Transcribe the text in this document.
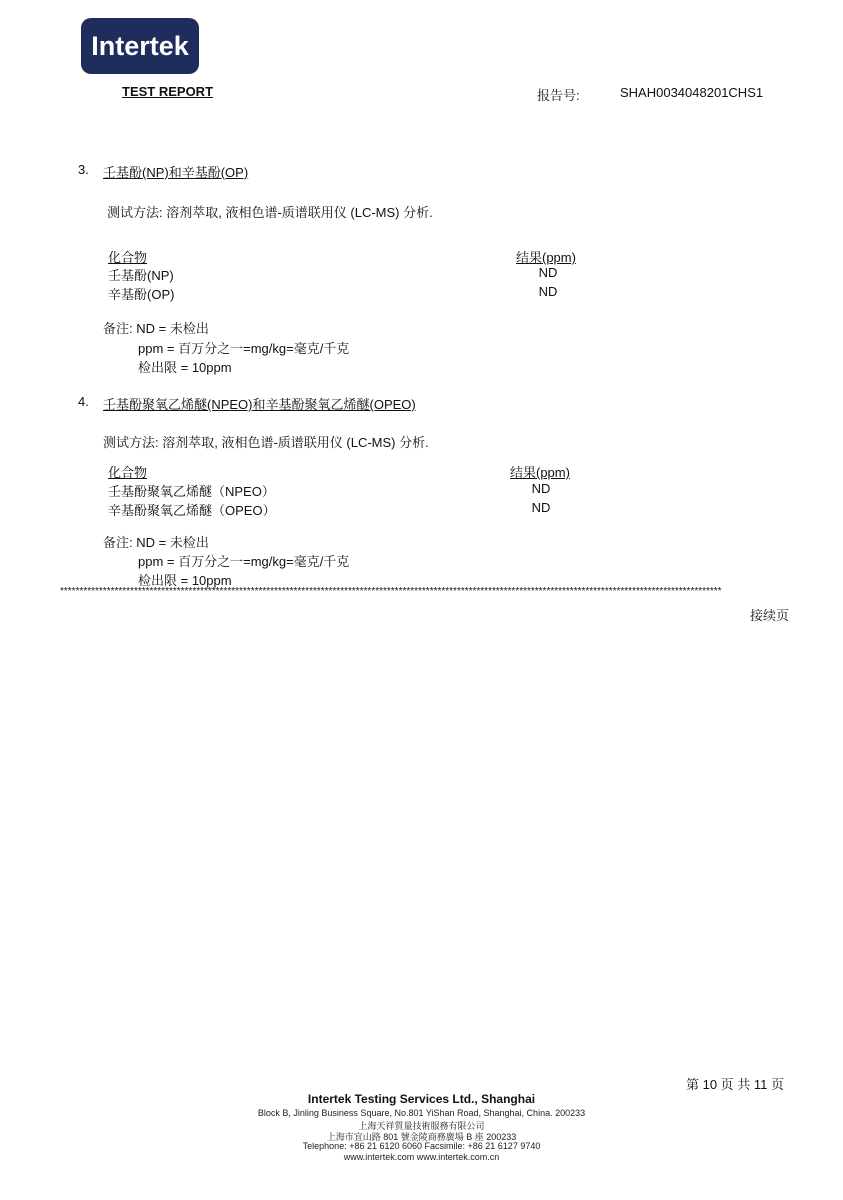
Intertek
TEST REPORT	报告号:	SHAH0034048201CHS1
3. 壬基酚(NP)和辛基酚(OP)
测试方法: 溶剂萃取, 液相色谱-质谱联用仪 (LC-MS) 分析.
化合物	结果(ppm)
壬基酚(NP)	ND
辛基酚(OP)	ND
备注: ND = 未检出
ppm = 百万分之一=mg/kg=毫克/千克
检出限 = 10ppm
4. 壬基酚聚氧乙烯醚(NPEO)和辛基酚聚氧乙烯醚(OPEO)
测试方法: 溶剂萃取, 液相色谱-质谱联用仪 (LC-MS) 分析.
化合物	结果(ppm)
壬基酚聚氧乙烯醚（NPEO）	ND
辛基酚聚氧乙烯醚（OPEO）	ND
备注: ND = 未检出
ppm = 百万分之一=mg/kg=毫克/千克
检出限 = 10ppm
**************************************************************************************************************************************************************************
接续页
第 10 页 共 11 页
Intertek Testing Services Ltd., Shanghai
Block B, Jinling Business Square, No.801 YiShan Road, Shanghai, China. 200233
上海天祥質量技術服務有限公司
上海市宜山路 801 號金陵商務廣場 B 座 200233
Telephone: +86 21 6120 6060 Facsimile: +86 21 6127 9740
www.intertek.com www.intertek.com.cn
